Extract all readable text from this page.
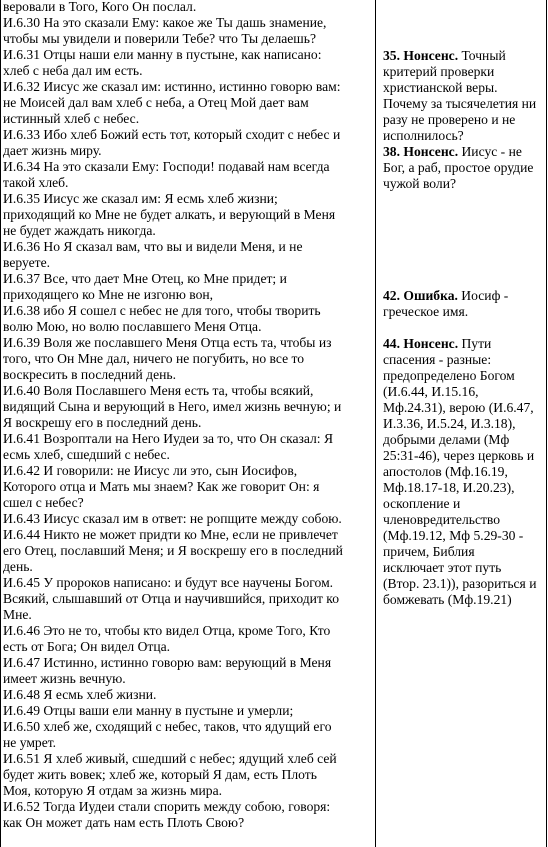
веровали в Того, Кого Он послал.
И.6.30 На это сказали Ему: какое же Ты дашь знамение,
чтобы мы увидели и поверили Тебе? что Ты делаешь?
И.6.31 Отцы наши ели манну в пустыне, как написано:
хлеб с неба дал им есть.
И.6.32 Иисус же сказал им: истинно, истинно говорю вам:
не Моисей дал вам хлеб с неба, а Отец Мой дает вам
истинный хлеб с небес.
И.6.33 Ибо хлеб Божий есть тот, который сходит с небес и
дает жизнь миру.
И.6.34 На это сказали Ему: Господи! подавай нам всегда
такой хлеб.
И.6.35 Иисус же сказал им: Я есмь хлеб жизни;
приходящий ко Мне не будет алкать, и верующий в Меня
не будет жаждать никогда.
И.6.36 Но Я сказал вам, что вы и видели Меня, и не
веруете.
И.6.37 Все, что дает Мне Отец, ко Мне придет; и
приходящего ко Мне не изгоню вон,
И.6.38 ибо Я сошел с небес не для того, чтобы творить
волю Мою, но волю пославшего Меня Отца.
И.6.39 Воля же пославшего Меня Отца есть та, чтобы из
того, что Он Мне дал, ничего не погубить, но все то
воскресить в последний день.
И.6.40 Воля Пославшего Меня есть та, чтобы всякий,
видящий Сына и верующий в Него, имел жизнь вечную; и
Я воскрешу его в последний день.
И.6.41 Возроптали на Него Иудеи за то, что Он сказал: Я
есмь хлеб, сшедший с небес.
И.6.42 И говорили: не Иисус ли это, сын Иосифов,
Которого отца и Мать мы знаем? Как же говорит Он: я
сшел с небес?
И.6.43 Иисус сказал им в ответ: не ропщите между собою.
И.6.44 Никто не может придти ко Мне, если не привлечет
его Отец, пославший Меня; и Я воскрешу его в последний
день.
И.6.45 У пророков написано: и будут все научены Богом.
Всякий, слышавший от Отца и научившийся, приходит ко
Мне.
И.6.46 Это не то, чтобы кто видел Отца, кроме Того, Кто
есть от Бога; Он видел Отца.
И.6.47 Истинно, истинно говорю вам: верующий в Меня
имеет жизнь вечную.
И.6.48 Я есмь хлеб жизни.
И.6.49 Отцы ваши ели манну в пустыне и умерли;
И.6.50 хлеб же, сходящий с небес, таков, что ядущий его
не умрет.
И.6.51 Я хлеб живый, сшедший с небес; ядущий хлеб сей
будет жить вовек; хлеб же, который Я дам, есть Плоть
Моя, которую Я отдам за жизнь мира.
И.6.52 Тогда Иудеи стали спорить между собою, говоря:
как Он может дать нам есть Плоть Свою?
35. Нонсенс. Точный
критерий проверки
христианской веры.
Почему за тысячелетия ни
разу не проверено и не
исполнилось?
38. Нонсенс. Иисус - не
Бог, а раб, простое орудие
чужой воли?
42. Ошибка. Иосиф -
греческое имя.
44. Нонсенс. Пути
спасения - разные:
предопределено Богом
(И.6.44, И.15.16,
Мф.24.31), верою (И.6.47,
И.3.36, И.5.24, И.3.18),
добрыми делами (Мф
25:31-46), через церковь и
апостолов (Мф.16.19,
Мф.18.17-18, И.20.23),
оскопление и
членовредительство
(Мф.19.12, Мф 5.29-30 -
причем, Библия
исключает этот путь
(Втор. 23.1)), разориться и
бомжевать (Мф.19.21)
